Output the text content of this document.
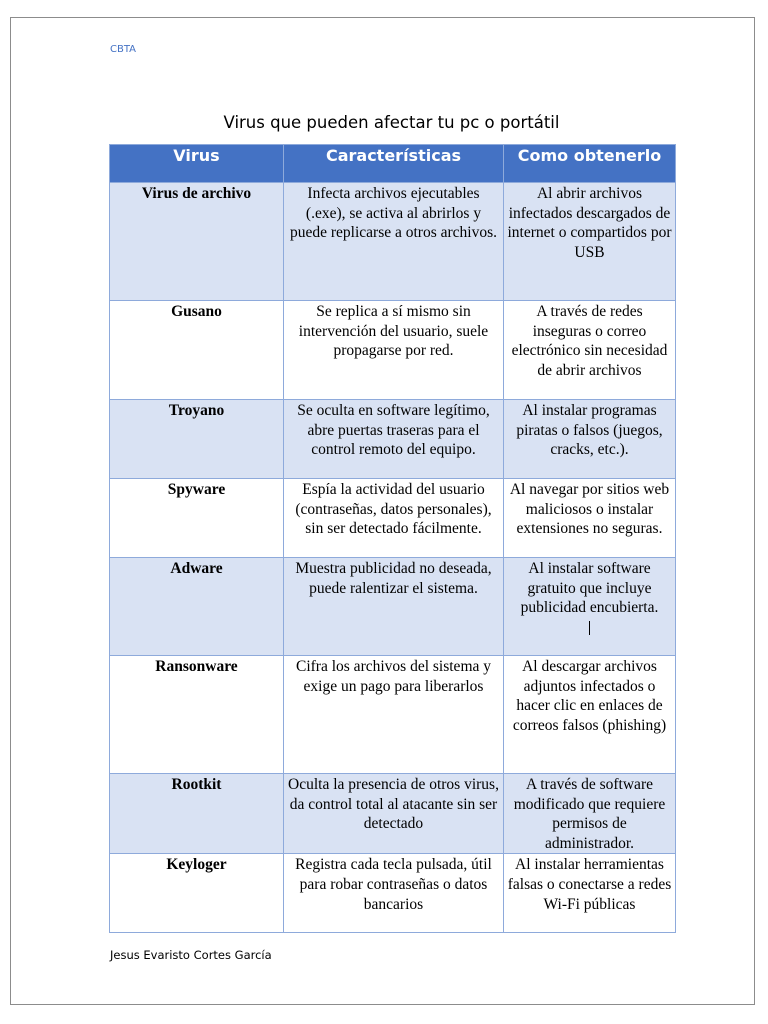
CBTA
Virus que pueden afectar tu pc o portátil
Virus	Características	Como obtenerlo
Virus de archivo	Infecta archivos ejecutables (.exe), se activa al abrirlos y puede replicarse a otros archivos.	Al abrir archivos infectados descargados de internet o compartidos por USB
Gusano	Se replica a sí mismo sin intervención del usuario, suele propagarse por red.	A través de redes inseguras o correo electrónico sin necesidad de abrir archivos
Troyano	Se oculta en software legítimo, abre puertas traseras para el control remoto del equipo.	Al instalar programas piratas o falsos (juegos, cracks, etc.).
Spyware	Espía la actividad del usuario (contraseñas, datos personales), sin ser detectado fácilmente.	Al navegar por sitios web maliciosos o instalar extensiones no seguras.
Adware	Muestra publicidad no deseada, puede ralentizar el sistema.	Al instalar software gratuito que incluye publicidad encubierta.

Ransonware	Cifra los archivos del sistema y exige un pago para liberarlos	Al descargar archivos adjuntos infectados o hacer clic en enlaces de correos falsos (phishing)
Rootkit	Oculta la presencia de otros virus, da control total al atacante sin ser detectado	A través de software modificado que requiere permisos de administrador.
Keyloger	Registra cada tecla pulsada, útil para robar contraseñas o datos bancarios	Al instalar herramientas falsas o conectarse a redes Wi-Fi públicas
Jesus Evaristo Cortes García
